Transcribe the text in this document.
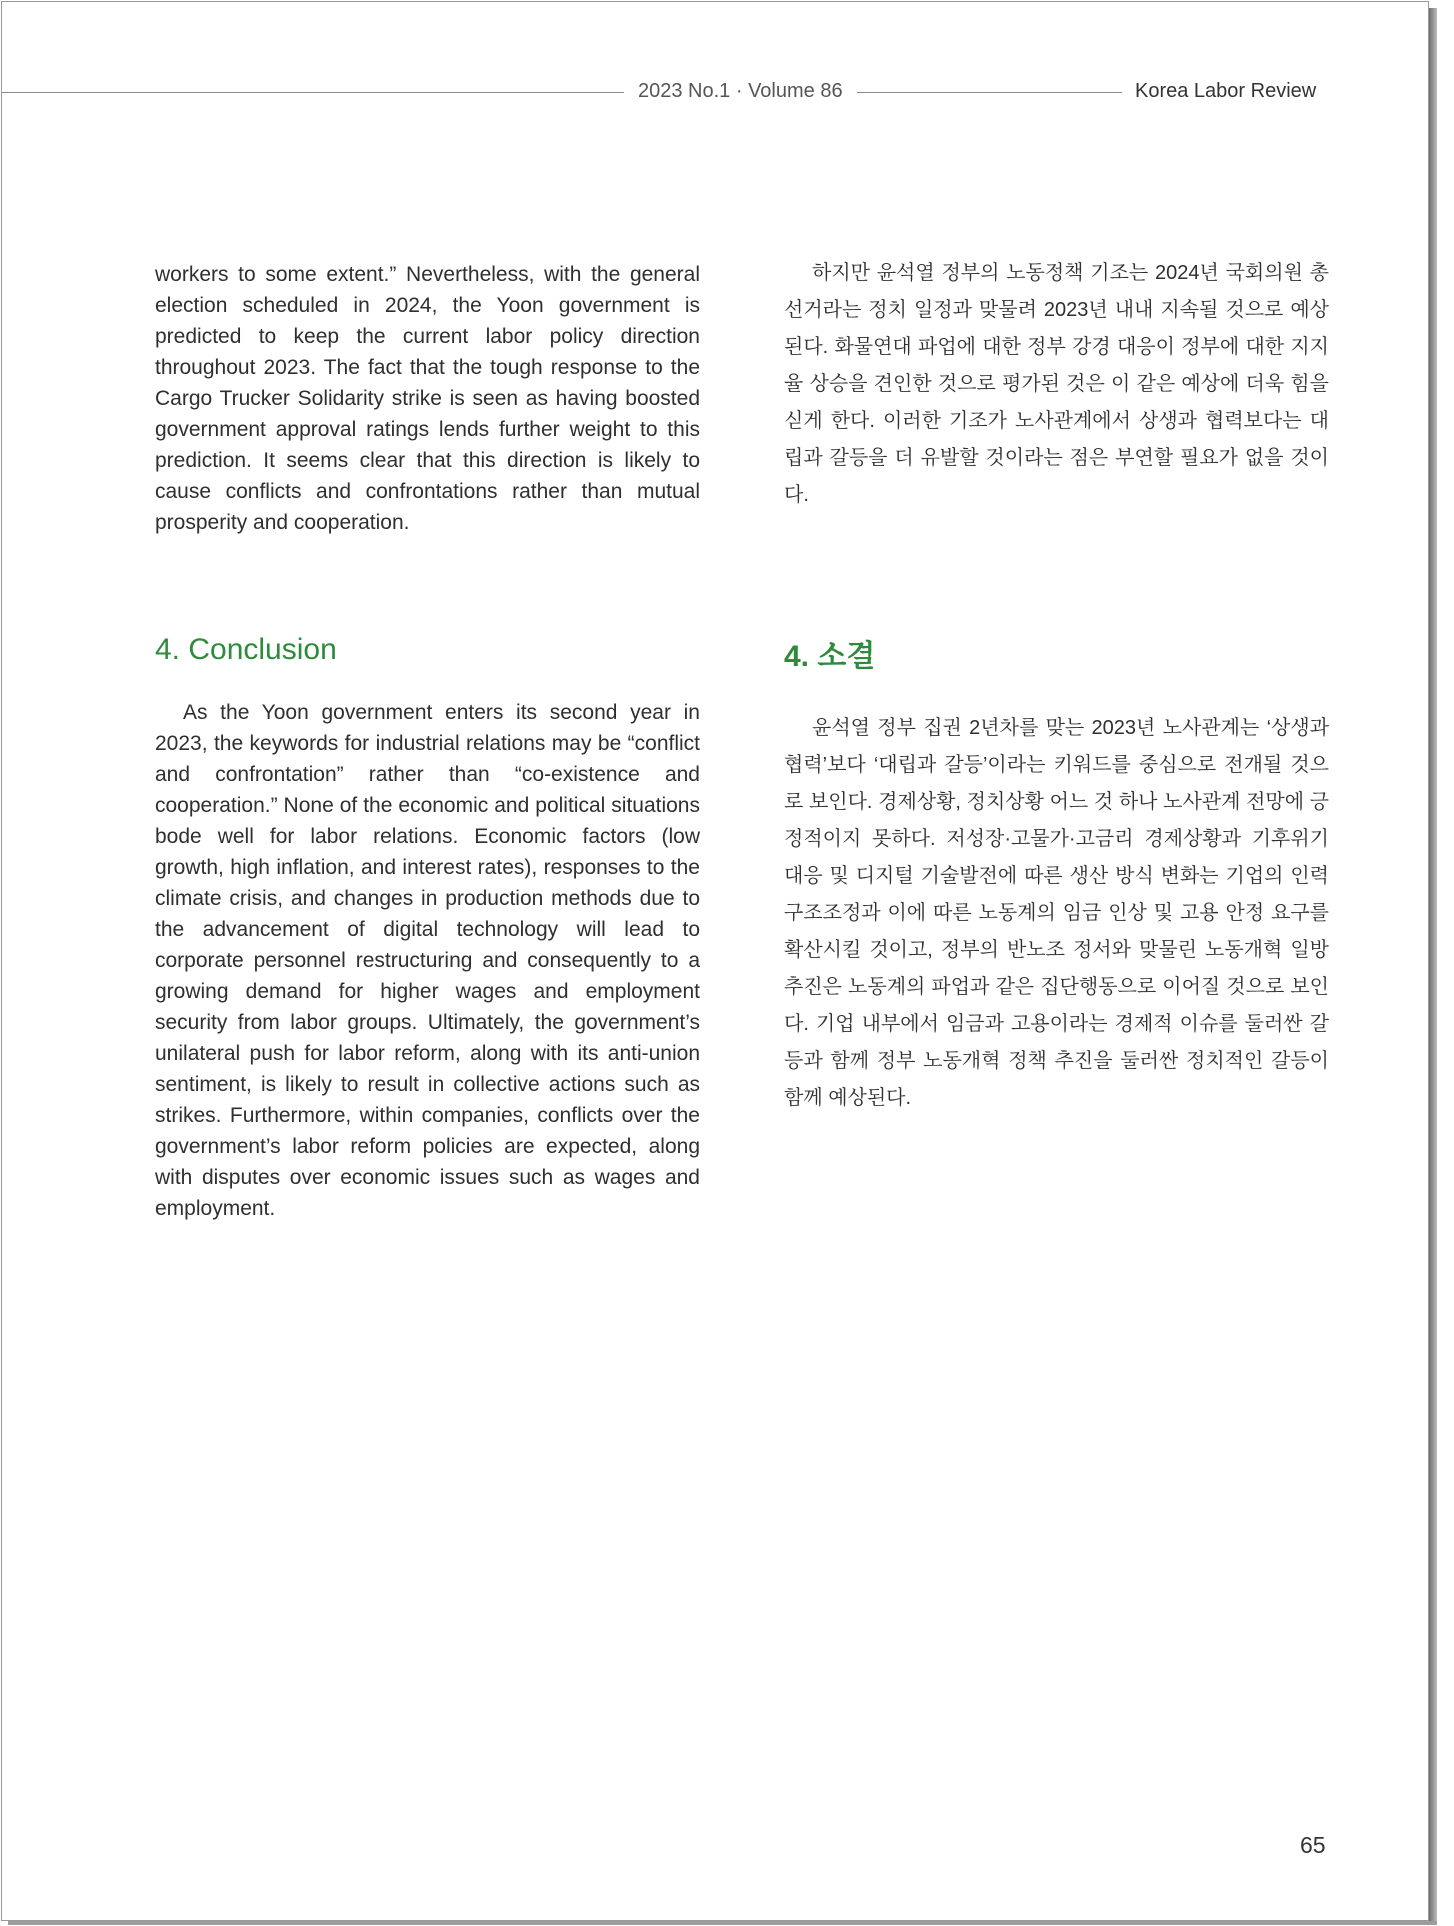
2023 No.1 · Volume 86	Korea Labor Review

workers to some extent.” Nevertheless, with the general election scheduled in 2024, the Yoon government is predicted to keep the current labor policy direction throughout 2023. The fact that the tough response to the Cargo Trucker Solidarity strike is seen as having boosted government approval ratings lends further weight to this prediction. It seems clear that this direction is likely to cause conflicts and confrontations rather than mutual prosperity and cooperation.

하지만 윤석열 정부의 노동정책 기조는 2024년 국회의원 총선거라는 정치 일정과 맞물려 2023년 내내 지속될 것으로 예상된다. 화물연대 파업에 대한 정부 강경 대응이 정부에 대한 지지율 상승을 견인한 것으로 평가된 것은 이 같은 예상에 더욱 힘을 싣게 한다. 이러한 기조가 노사관계에서 상생과 협력보다는 대립과 갈등을 더 유발할 것이라는 점은 부연할 필요가 없을 것이다.

4. Conclusion	4. 소결

As the Yoon government enters its second year in 2023, the keywords for industrial relations may be “conflict and confrontation” rather than “co-existence and cooperation.” None of the economic and political situations bode well for labor relations. Economic factors (low growth, high inflation, and interest rates), responses to the climate crisis, and changes in production methods due to the advancement of digital technology will lead to corporate personnel restructuring and consequently to a growing demand for higher wages and employment security from labor groups. Ultimately, the government’s unilateral push for labor reform, along with its anti-union sentiment, is likely to result in collective actions such as strikes. Furthermore, within companies, conflicts over the government’s labor reform policies are expected, along with disputes over economic issues such as wages and employment.

윤석열 정부 집권 2년차를 맞는 2023년 노사관계는 ‘상생과 협력’보다 ‘대립과 갈등’이라는 키워드를 중심으로 전개될 것으로 보인다. 경제상황, 정치상황 어느 것 하나 노사관계 전망에 긍정적이지 못하다. 저성장·고물가·고금리 경제상황과 기후위기 대응 및 디지털 기술발전에 따른 생산 방식 변화는 기업의 인력 구조조정과 이에 따른 노동계의 임금 인상 및 고용 안정 요구를 확산시킬 것이고, 정부의 반노조 정서와 맞물린 노동개혁 일방 추진은 노동계의 파업과 같은 집단행동으로 이어질 것으로 보인다. 기업 내부에서 임금과 고용이라는 경제적 이슈를 둘러싼 갈등과 함께 정부 노동개혁 정책 추진을 둘러싼 정치적인 갈등이 함께 예상된다.

65
